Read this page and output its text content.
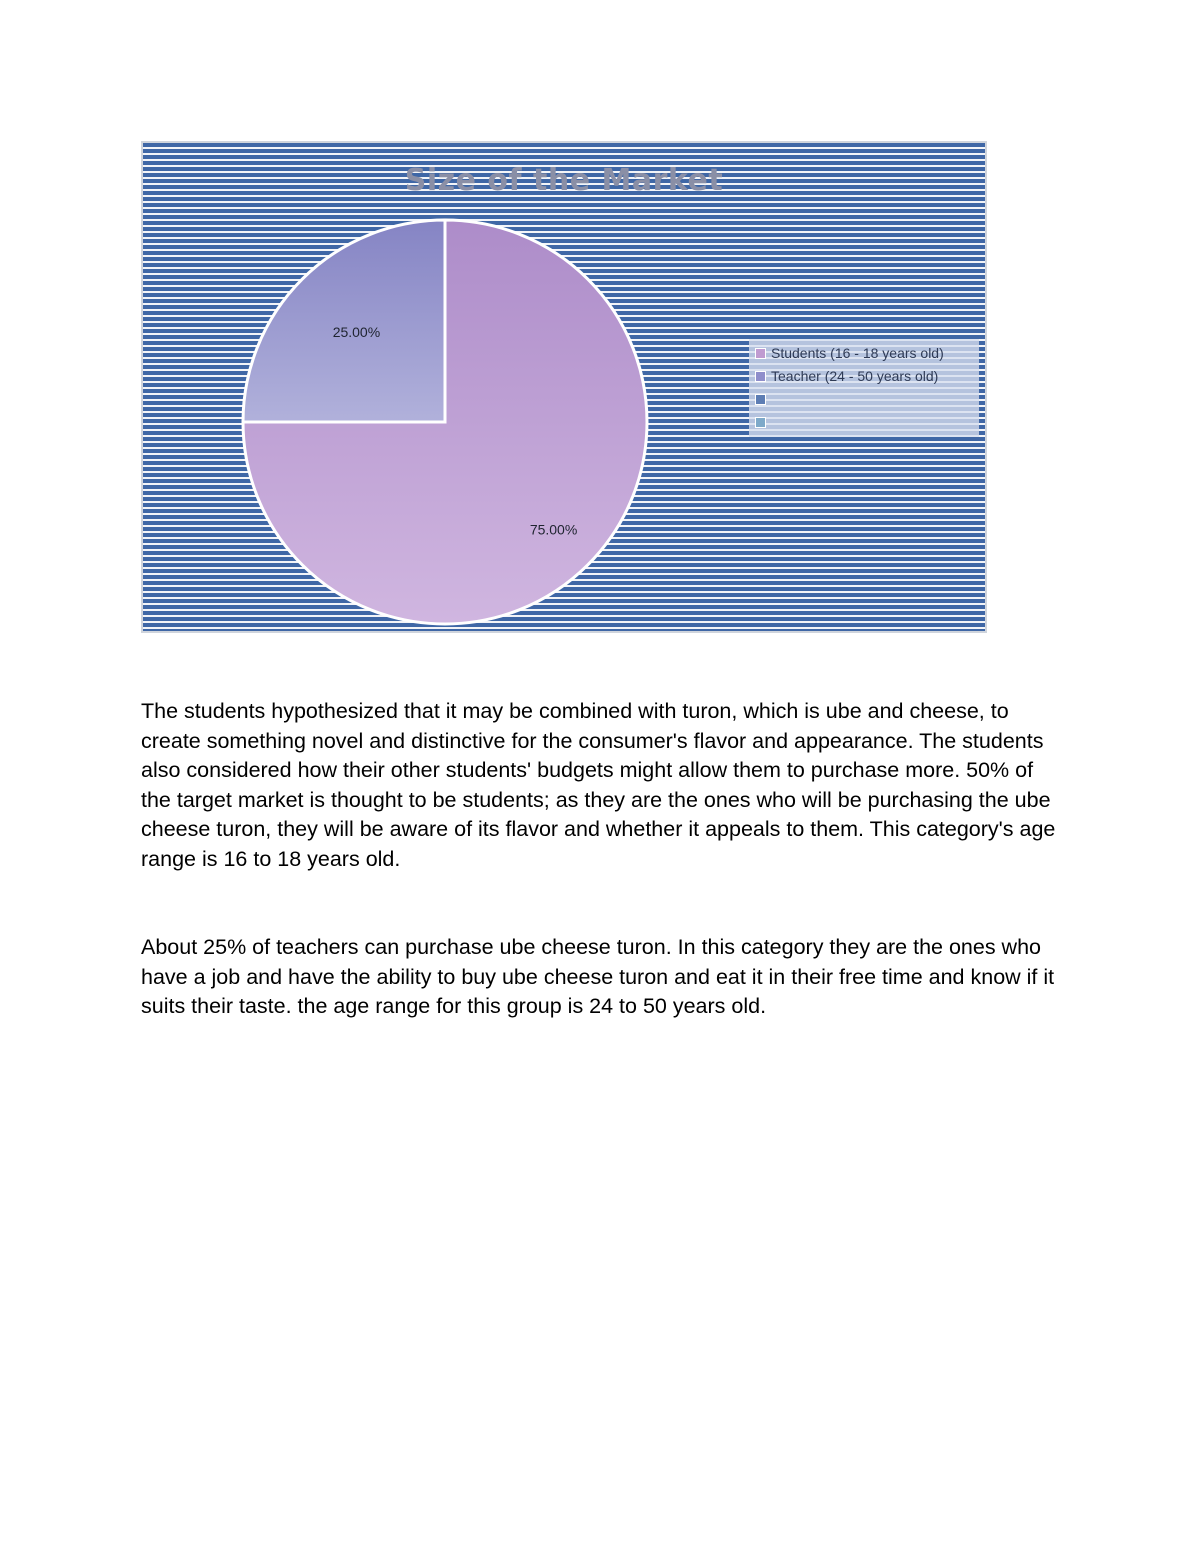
75.00%
25.00%
Size of the Market
Students (16 - 18 years old)
Teacher (24 - 50 years old)

The students hypothesized that it may be combined with turon, which is ube and cheese, to create something novel and distinctive for the consumer's flavor and appearance. The students also considered how their other students' budgets might allow them to purchase more. 50% of the target market is thought to be students; as they are the ones who will be purchasing the ube cheese turon, they will be aware of its flavor and whether it appeals to them. This category's age range is 16 to 18 years old.

About 25% of teachers can purchase ube cheese turon. In this category they are the ones who have a job and have the ability to buy ube cheese turon and eat it in their free time and know if it suits their taste. the age range for this group is 24 to 50 years old.
